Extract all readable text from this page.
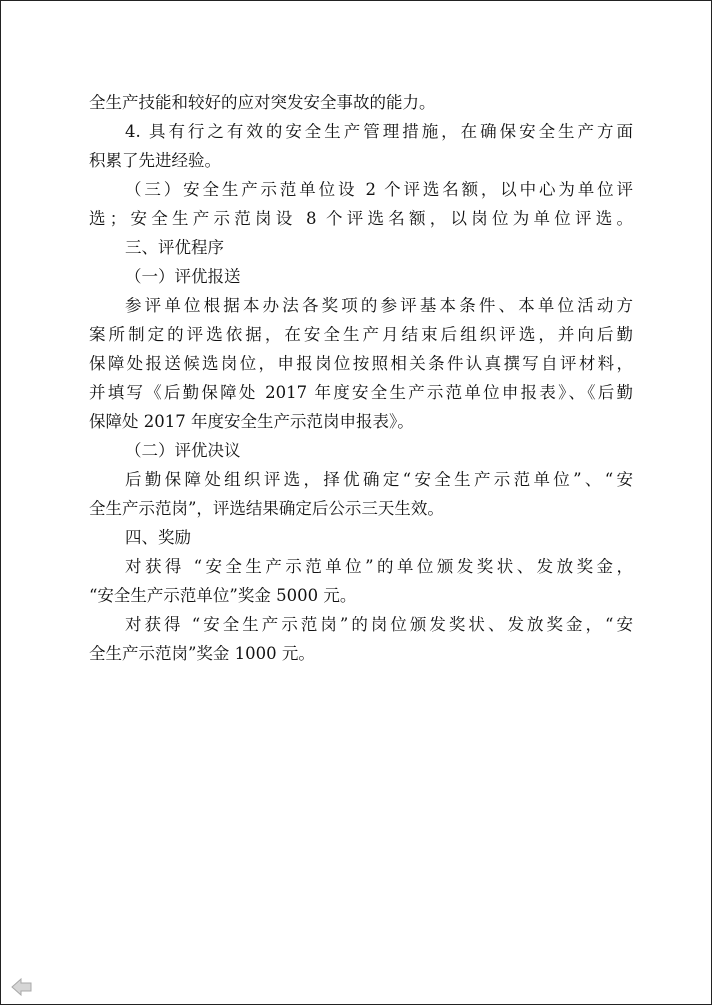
全生产技能和较好的应对突发安全事故的能力。
4. 具有行之有效的安全生产管理措施，在确保安全生产方面
积累了先进经验。
（三）安全生产示范单位设 2 个评选名额，以中心为单位评
选；安全生产示范岗设 8 个评选名额，以岗位为单位评选。
三、评优程序
（一）评优报送
参评单位根据本办法各奖项的参评基本条件、本单位活动方
案所制定的评选依据，在安全生产月结束后组织评选，并向后勤
保障处报送候选岗位，申报岗位按照相关条件认真撰写自评材料，
并填写《后勤保障处 2017 年度安全生产示范单位申报表》、《后勤
保障处 2017 年度安全生产示范岗申报表》。
（二）评优决议
后勤保障处组织评选，择优确定“安全生产示范单位”、“安
全生产示范岗”，评选结果确定后公示三天生效。
四、奖励
对获得 “安全生产示范单位”的单位颁发奖状、发放奖金，
“安全生产示范单位”奖金 5000 元。
对获得 “安全生产示范岗”的岗位颁发奖状、发放奖金，“安
全生产示范岗”奖金 1000 元。
